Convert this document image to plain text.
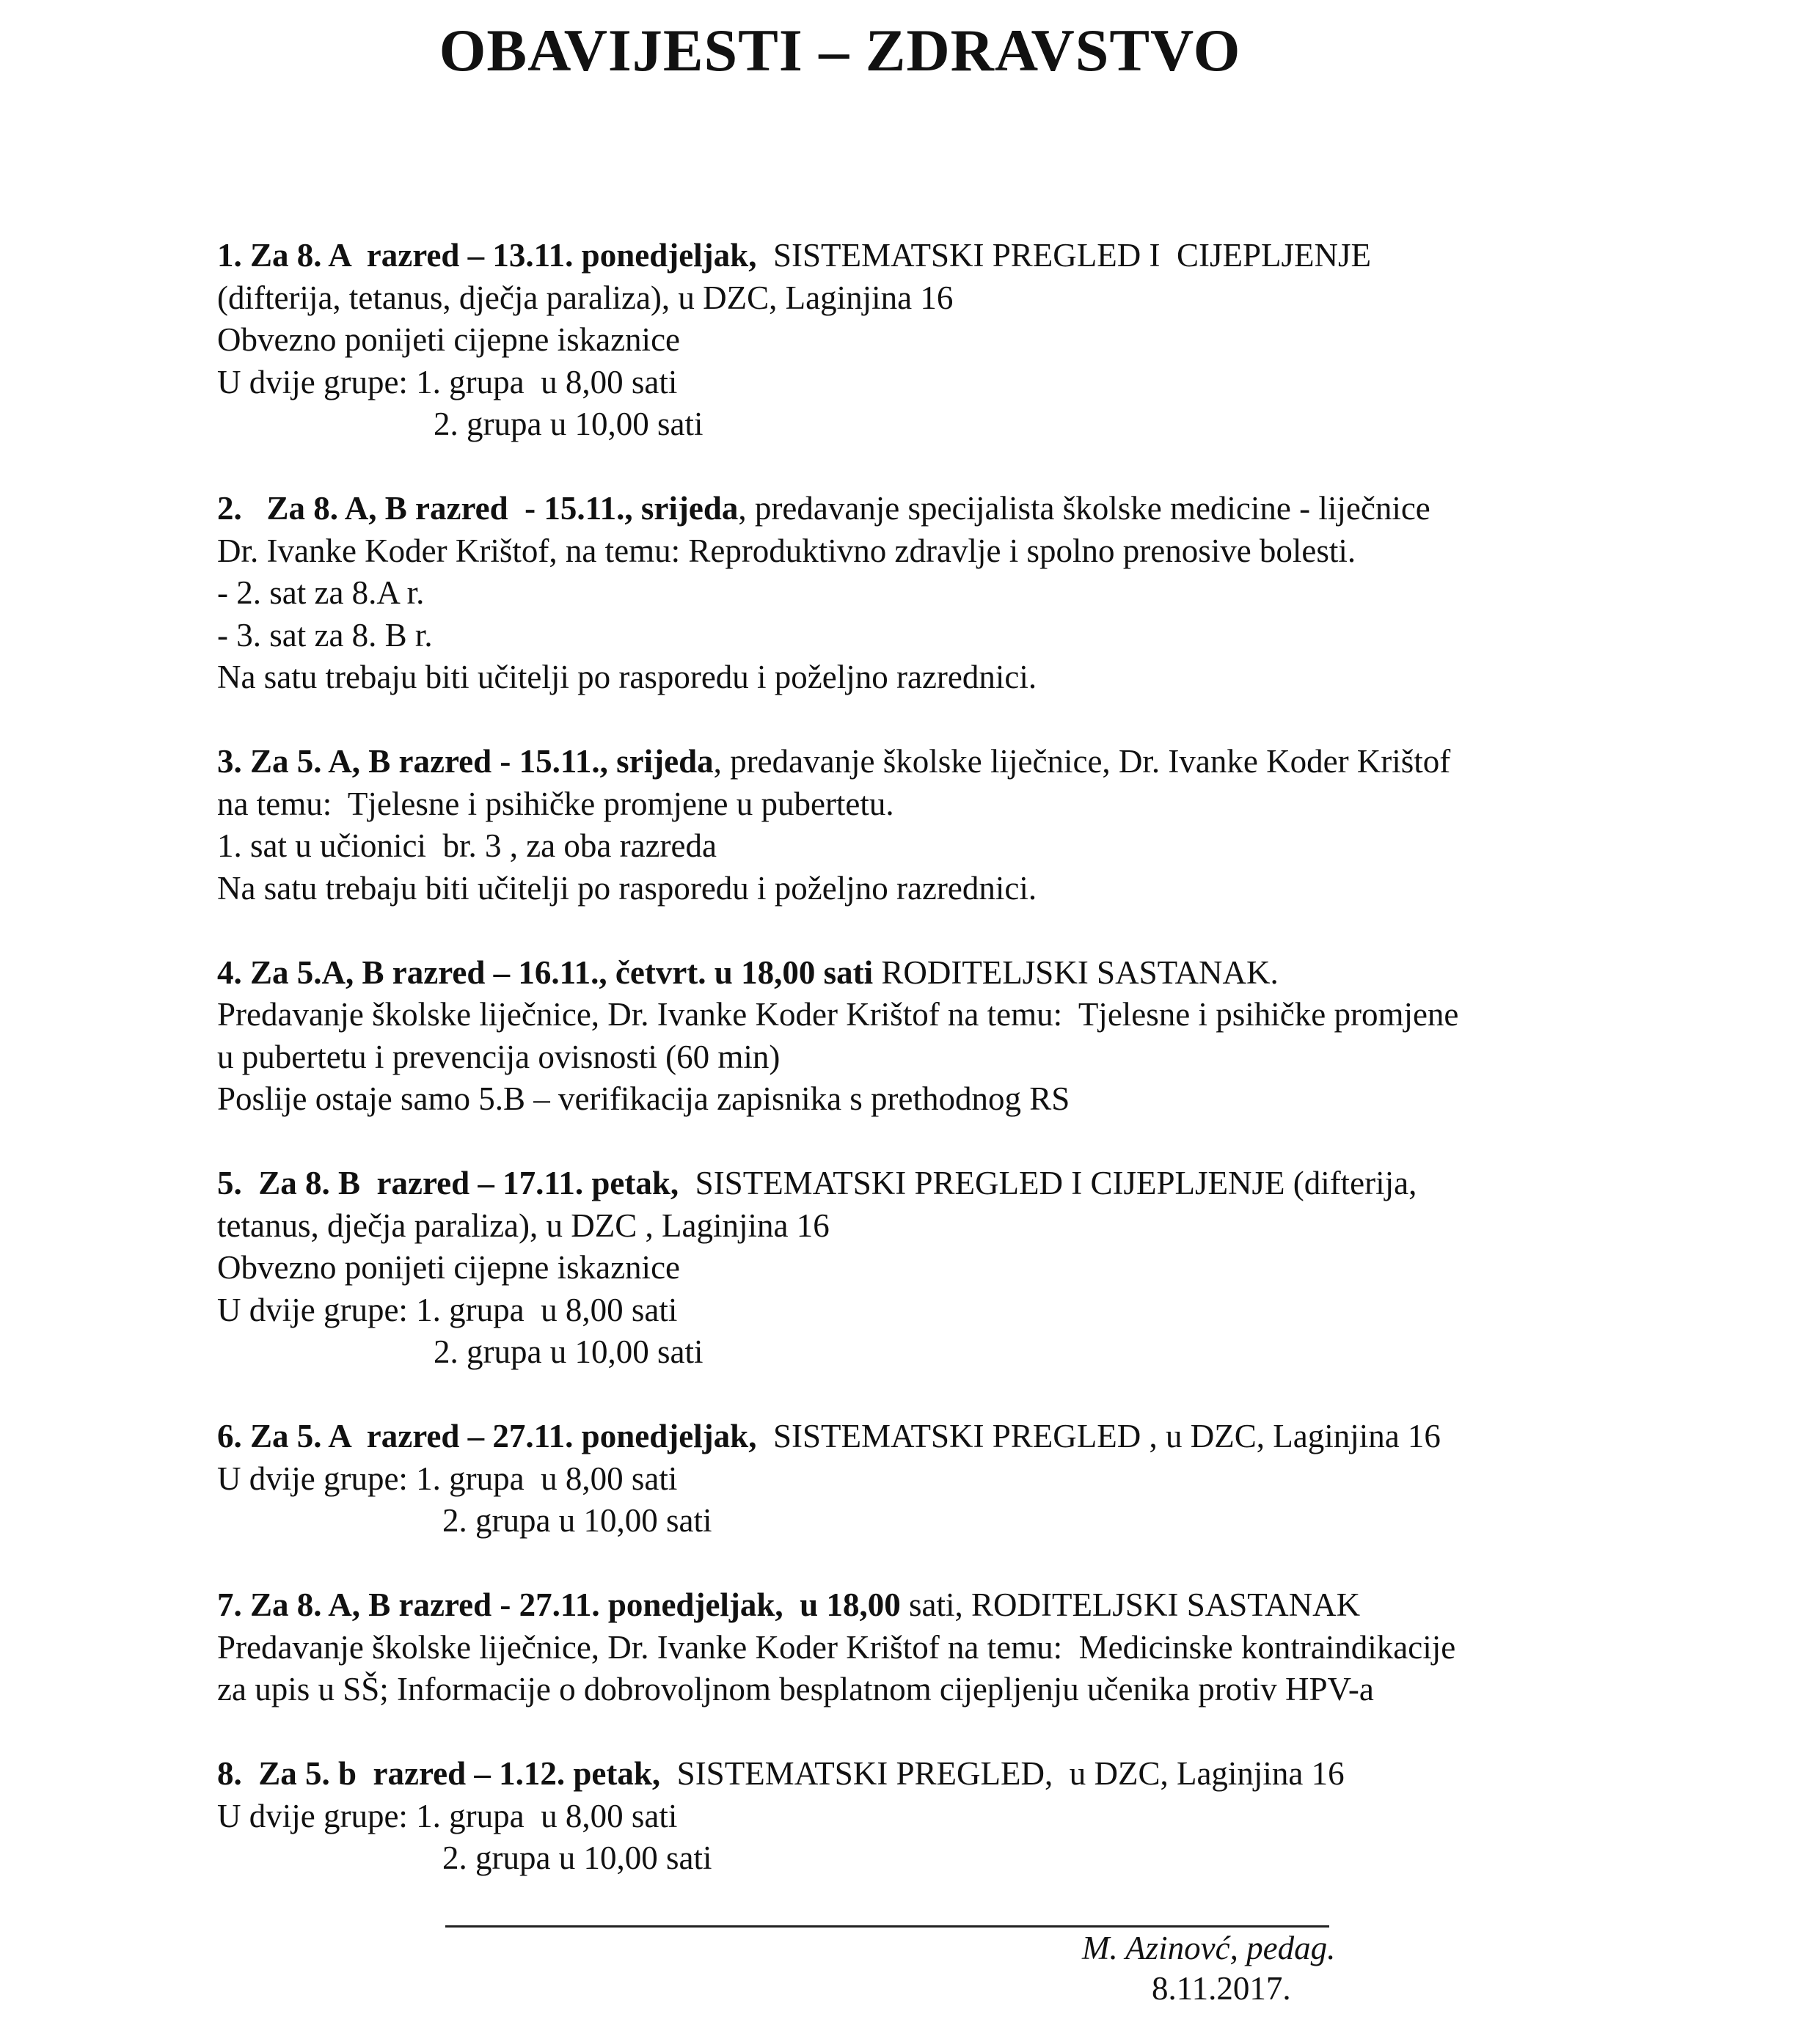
OBAVIJESTI – ZDRAVSTVO
1. Za 8. A  razred – 13.11. ponedjeljak,  SISTEMATSKI PREGLED I  CIJEPLJENJE
(difterija, tetanus, dječja paraliza), u DZC, Laginjina 16
Obvezno ponijeti cijepne iskaznice
U dvije grupe: 1. grupa  u 8,00 sati
2. grupa u 10,00 sati
2.   Za 8. A, B razred  - 15.11., srijeda, predavanje specijalista školske medicine - liječnice
Dr. Ivanke Koder Krištof, na temu: Reproduktivno zdravlje i spolno prenosive bolesti.
- 2. sat za 8.A r.
- 3. sat za 8. B r.
Na satu trebaju biti učitelji po rasporedu i poželjno razrednici.
3. Za 5. A, B razred - 15.11., srijeda, predavanje školske liječnice, Dr. Ivanke Koder Krištof
na temu:  Tjelesne i psihičke promjene u pubertetu.
1. sat u učionici  br. 3 , za oba razreda
Na satu trebaju biti učitelji po rasporedu i poželjno razrednici.
4. Za 5.A, B razred – 16.11., četvrt. u 18,00 sati RODITELJSKI SASTANAK.
Predavanje školske liječnice, Dr. Ivanke Koder Krištof na temu:  Tjelesne i psihičke promjene
u pubertetu i prevencija ovisnosti (60 min)
Poslije ostaje samo 5.B – verifikacija zapisnika s prethodnog RS
5.  Za 8. B  razred – 17.11. petak,  SISTEMATSKI PREGLED I CIJEPLJENJE (difterija,
tetanus, dječja paraliza), u DZC , Laginjina 16
Obvezno ponijeti cijepne iskaznice
U dvije grupe: 1. grupa  u 8,00 sati
2. grupa u 10,00 sati
6. Za 5. A  razred – 27.11. ponedjeljak,  SISTEMATSKI PREGLED , u DZC, Laginjina 16
U dvije grupe: 1. grupa  u 8,00 sati
2. grupa u 10,00 sati
7. Za 8. A, B razred - 27.11. ponedjeljak,  u 18,00 sati, RODITELJSKI SASTANAK
Predavanje školske liječnice, Dr. Ivanke Koder Krištof na temu:  Medicinske kontraindikacije
za upis u SŠ; Informacije o dobrovoljnom besplatnom cijepljenju učenika protiv HPV-a
8.  Za 5. b  razred – 1.12. petak,  SISTEMATSKI PREGLED,  u DZC, Laginjina 16
U dvije grupe: 1. grupa  u 8,00 sati
2. grupa u 10,00 sati
M. Azinovć, pedag.
8.11.2017.
